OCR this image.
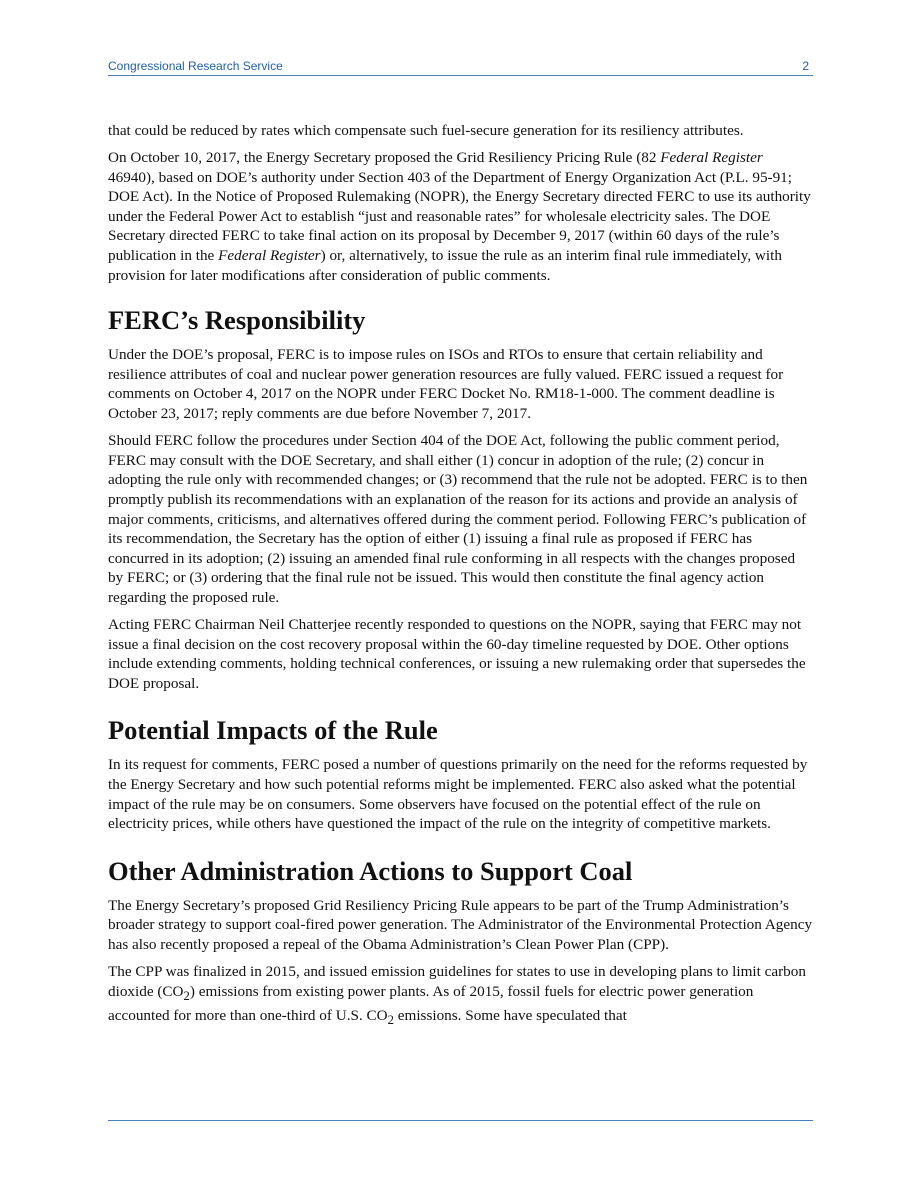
Congressional Research Service	2

that could be reduced by rates which compensate such fuel-secure generation for its resiliency attributes.

On October 10, 2017, the Energy Secretary proposed the Grid Resiliency Pricing Rule (82 Federal Register 46940), based on DOE’s authority under Section 403 of the Department of Energy Organization Act (P.L. 95-91; DOE Act). In the Notice of Proposed Rulemaking (NOPR), the Energy Secretary directed FERC to use its authority under the Federal Power Act to establish “just and reasonable rates” for wholesale electricity sales. The DOE Secretary directed FERC to take final action on its proposal by December 9, 2017 (within 60 days of the rule’s publication in the Federal Register) or, alternatively, to issue the rule as an interim final rule immediately, with provision for later modifications after consideration of public comments.

FERC’s Responsibility

Under the DOE’s proposal, FERC is to impose rules on ISOs and RTOs to ensure that certain reliability and resilience attributes of coal and nuclear power generation resources are fully valued. FERC issued a request for comments on October 4, 2017 on the NOPR under FERC Docket No. RM18-1-000. The comment deadline is October 23, 2017; reply comments are due before November 7, 2017.

Should FERC follow the procedures under Section 404 of the DOE Act, following the public comment period, FERC may consult with the DOE Secretary, and shall either (1) concur in adoption of the rule; (2) concur in adopting the rule only with recommended changes; or (3) recommend that the rule not be adopted. FERC is to then promptly publish its recommendations with an explanation of the reason for its actions and provide an analysis of major comments, criticisms, and alternatives offered during the comment period. Following FERC’s publication of its recommendation, the Secretary has the option of either (1) issuing a final rule as proposed if FERC has concurred in its adoption; (2) issuing an amended final rule conforming in all respects with the changes proposed by FERC; or (3) ordering that the final rule not be issued. This would then constitute the final agency action regarding the proposed rule.

Acting FERC Chairman Neil Chatterjee recently responded to questions on the NOPR, saying that FERC may not issue a final decision on the cost recovery proposal within the 60-day timeline requested by DOE. Other options include extending comments, holding technical conferences, or issuing a new rulemaking order that supersedes the DOE proposal.

Potential Impacts of the Rule

In its request for comments, FERC posed a number of questions primarily on the need for the reforms requested by the Energy Secretary and how such potential reforms might be implemented. FERC also asked what the potential impact of the rule may be on consumers. Some observers have focused on the potential effect of the rule on electricity prices, while others have questioned the impact of the rule on the integrity of competitive markets.

Other Administration Actions to Support Coal

The Energy Secretary’s proposed Grid Resiliency Pricing Rule appears to be part of the Trump Administration’s broader strategy to support coal-fired power generation. The Administrator of the Environmental Protection Agency has also recently proposed a repeal of the Obama Administration’s Clean Power Plan (CPP).

The CPP was finalized in 2015, and issued emission guidelines for states to use in developing plans to limit carbon dioxide $(CO_2)$ emissions from existing power plants. As of 2015, fossil fuels for electric power generation accounted for more than one-third of U.S. $CO_2$ emissions. Some have speculated that
